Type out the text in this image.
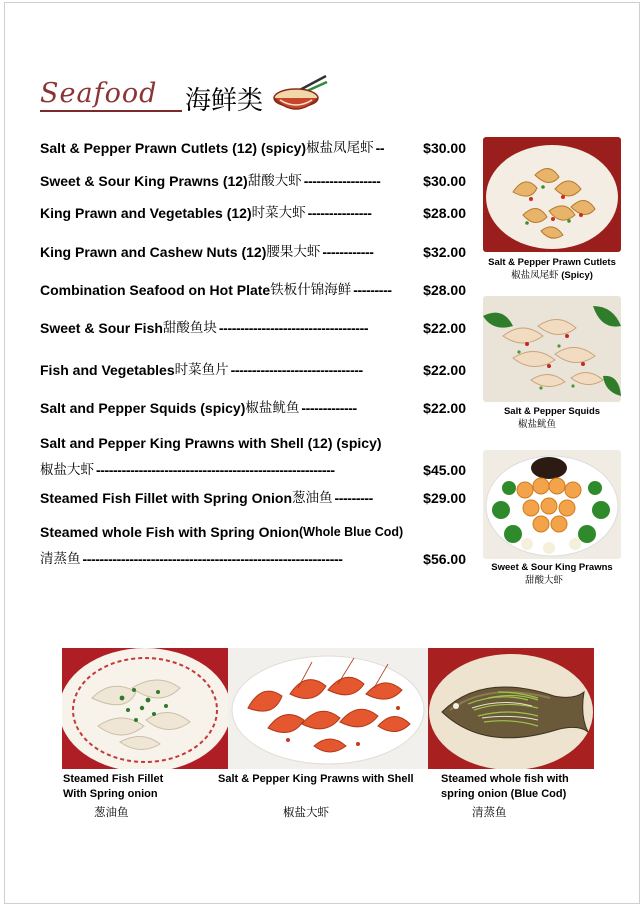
Seafood 海鲜类
Salt & Pepper Prawn Cutlets (12) (spicy) 椒盐凤尾虾 --	$30.00
Sweet & Sour King Prawns (12) 甜酸大虾 ------------------	$30.00
King Prawn and Vegetables (12) 时菜大虾 ---------------	$28.00
King Prawn and Cashew Nuts (12) 腰果大虾 ------------	$32.00
Combination Seafood on Hot Plate 铁板什锦海鲜 ---------	$28.00
Sweet & Sour Fish 甜酸鱼块 -----------------------------------	$22.00
Fish and Vegetables 时菜鱼片 -------------------------------	$22.00
Salt and Pepper Squids (spicy) 椒盐鱿鱼 -------------	$22.00
Salt and Pepper King Prawns with Shell (12) (spicy)
椒盐大虾 --------------------------------------------------------	$45.00
Steamed Fish Fillet with Spring Onion 葱油鱼 ---------	$29.00
Steamed whole Fish with Spring Onion (Whole Blue Cod)
清蒸鱼 -------------------------------------------------------------	$56.00
Salt & Pepper Prawn Cutlets
椒盐凤尾虾 (Spicy)
Salt & Pepper Squids
椒盐鱿鱼
Sweet & Sour King Prawns
甜酸大虾
Steamed Fish Fillet
With Spring onion
葱油鱼
Salt & Pepper King Prawns with Shell
椒盐大虾
Steamed whole fish with
spring onion (Blue Cod)
清蒸鱼
